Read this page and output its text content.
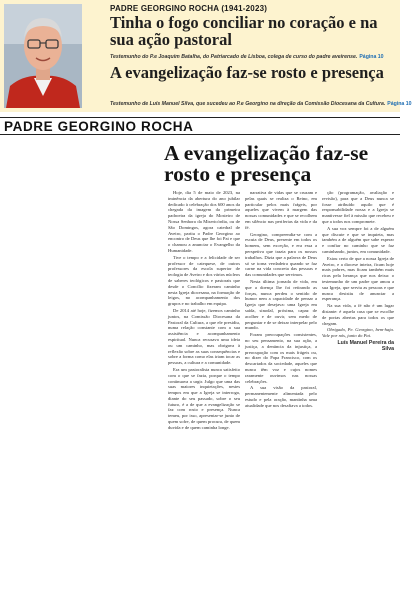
PADRE GEORGINO ROCHA (1941-2023)
Tinha o fogo conciliar no coração e na sua ação pastoral
Testemunho do P.e Joaquim Batalha, do Patriarcado de Lisboa, colega de curso do padre aveirense. Página 10
A evangelização faz-se rosto e presença
Testemunho de Luís Manuel Silva, que sucedeu ao P.e Georgino na direção da Comissão Diocesana da Cultura. Página 10
PADRE GEORGINO ROCHA
A evangelização faz-se rosto e presença

Hoje, dia 5 de maio de 2023, na iminência da abertura do ano jubilar dedicado à celebração dos 600 anos da chegada da imagem da primeira padroeira da igreja do Mosteiro de Nossa Senhora da Misericórdia, ou de São Domingos, agora catedral de Aveiro, partiu o Padre Georgino ao encontro de Deus que lhe foi Pai e que o chamou a anunciar o Evangelho da Humanidade.

Tive o tempo e a felicidade de ser professor de catequese, de outros professores da escola superior de teologia de Aveiro e dos vários núcleos de saberes teológicos e pastorais que desde o Concílio fizeram caminho nesta Igreja diocesana, na formação de leigos, no acompanhamento dos grupos e no trabalho em equipa.

De 2014 até hoje, fizemos caminho juntos, na Comissão Diocesana da Pastoral da Cultura, a que ele presidiu, numa relação constante com a sua assistência e acompanhamento espiritual. Nunca recusava uma ideia ou um caminho, mas obrigava à reflexão sobre as suas consequências e sobre a forma como elas iriam tocar as pessoas, a cultura e a comunidade.

Era um pastoralista nunca satisfeito com o que se fazia, porque o tempo continuava a urgir. Julgo que uma das suas maiores inquietações, nestes tempos em que a Igreja se interroga, diante do seu passado, sobre o seu futuro, é a de que a evangelização se faz com rosto e presença. Nunca temeu, por isso, apresentar-se junto de quem sofre, de quem procura, de quem duvida e de quem caminha longe.

narrativa de vidas que se cruzam e pelas quais se realiza o Reino, em particular pelos mais frágeis, por aqueles que vivem à margem das nossas comunidades e que se recolhem em silêncio nas periferias da vida e da fé.

Georgino, compreendia-se com a escuta de Deus, presente em todos os homens, sem exceção, e era essa a perspetiva que trazia para os nossos trabalhos. Dizia que a palavra de Deus só se torna verdadeira quando se faz carne na vida concreta das pessoas e das comunidades que servimos.

Nesta última jornada de vida, em que a doença lhe foi retirando as forças, nunca perdeu o sentido de humor nem a capacidade de pensar a Igreja que desejava: uma Igreja em saída, sinodal, próxima, capaz de acolher e de ouvir, sem medo de perguntar e de se deixar interpelar pelo mundo.

Foram preocupações consistentes, no seu pensamento, na sua ação, a justiça, a denúncia da injustiça, a preocupação com os mais frágeis ou, no dizer do Papa Francisco, com os descartados da sociedade, aqueles que nunca têm voz e cujos nomes raramente ouvimos nas nossas celebrações.

A sua visão da pastoral, permanentemente alimentada pelo estudo e pela oração, mantinha uma atualidade que nos desafiava a todos.

ção (programação, avaliação e revisão), para que a Deus nunca se fosse atribuído aquilo que é responsabilidade nossa e a Igreja se mantivesse fiel à missão que recebeu e que a todos nos compromete.

A sua voz sempre foi a de alguém que discute e que se inquieta, mas também a de alguém que sabe esperar e confiar no caminho que se faz caminhando, juntos, em comunidade.

Estou certo de que a nossa Igreja de Aveiro, e a diocese inteira, ficam hoje mais pobres, mas ficam também mais ricas pela herança que nos deixa: o testemunho de um padre que amou a sua Igreja, que serviu as pessoas e que nunca desistiu de anunciar a esperança.

Na sua vida, a fé não é um lugar distante: é aquela casa que se escolhe de portas abertas para todos os que chegam.

Obrigado, Pe. Georgino, bem-haja. Vale por nós, junto do Pai.

Luís Manuel Pereira da Silva
